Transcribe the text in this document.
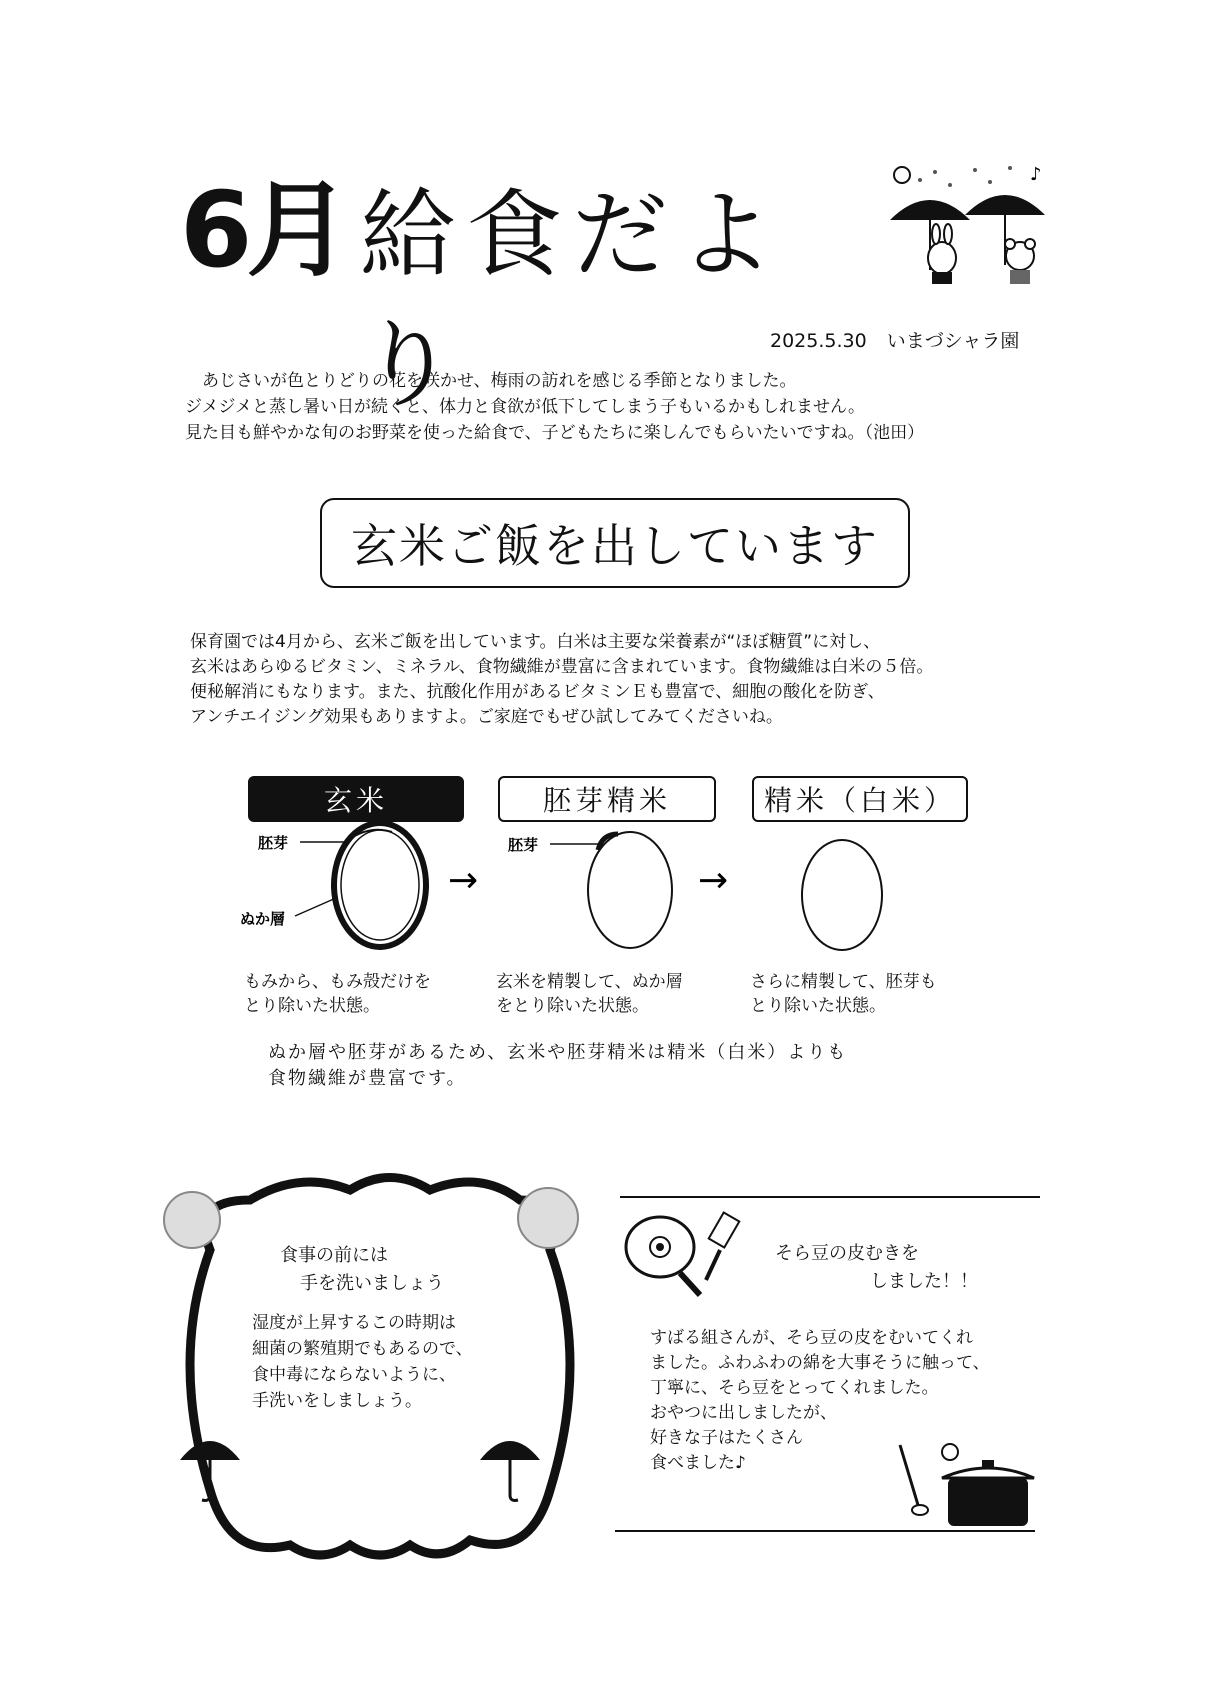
6月 給食だより
♪
2025.5.30 いまづシャラ園

あじさいが色とりどりの花を咲かせ、梅雨の訪れを感じる季節となりました。

ジメジメと蒸し暑い日が続くと、体力と食欲が低下してしまう子もいるかもしれません。

見た目も鮮やかな旬のお野菜を使った給食で、子どもたちに楽しんでもらいたいですね。（池田）

玄米ご飯を出しています

保育園では4月から、玄米ご飯を出しています。白米は主要な栄養素が“ほぼ糖質”に対し、

玄米はあらゆるビタミン、ミネラル、食物繊維が豊富に含まれています。食物繊維は白米の５倍。

便秘解消にもなります。また、抗酸化作用があるビタミンＥも豊富で、細胞の酸化を防ぎ、

アンチエイジング効果もありますよ。ご家庭でもぜひ試してみてくださいね。

玄米	胚芽精米	精米（白米）
胚芽
ぬか層
→
胚芽
→
もみから、もみ殻だけを
とり除いた状態。
玄米を精製して、ぬか層
をとり除いた状態。
さらに精製して、胚芽も
とり除いた状態。

ぬか層や胚芽があるため、玄米や胚芽精米は精米（白米）よりも

食物繊維が豊富です。

食事の前には

手を洗いましょう

湿度が上昇するこの時期は

細菌の繁殖期でもあるので、

食中毒にならないように、

手洗いをしましょう。

そら豆の皮むきを

しました！！

すばる組さんが、そら豆の皮をむいてくれ

ました。ふわふわの綿を大事そうに触って、

丁寧に、そら豆をとってくれました。

おやつに出しましたが、

好きな子はたくさん

食べました♪
